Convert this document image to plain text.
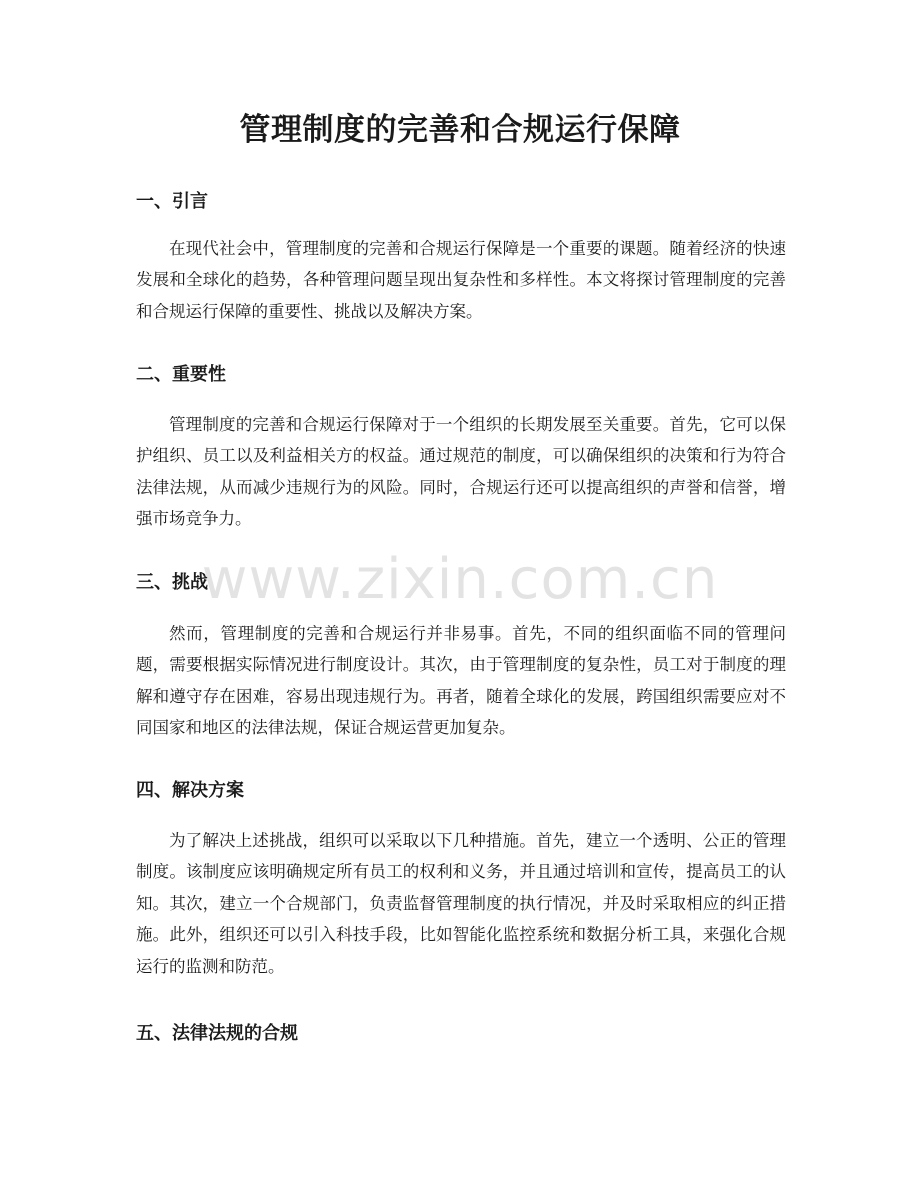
管理制度的完善和合规运行保障
一、引言

在现代社会中，管理制度的完善和合规运行保障是一个重要的课题。随着经济的快速发展和全球化的趋势，各种管理问题呈现出复杂性和多样性。本文将探讨管理制度的完善和合规运行保障的重要性、挑战以及解决方案。

二、重要性

管理制度的完善和合规运行保障对于一个组织的长期发展至关重要。首先，它可以保护组织、员工以及利益相关方的权益。通过规范的制度，可以确保组织的决策和行为符合法律法规，从而减少违规行为的风险。同时，合规运行还可以提高组织的声誉和信誉，增强市场竞争力。

三、挑战

然而，管理制度的完善和合规运行并非易事。首先，不同的组织面临不同的管理问题，需要根据实际情况进行制度设计。其次，由于管理制度的复杂性，员工对于制度的理解和遵守存在困难，容易出现违规行为。再者，随着全球化的发展，跨国组织需要应对不同国家和地区的法律法规，保证合规运营更加复杂。

四、解决方案

为了解决上述挑战，组织可以采取以下几种措施。首先，建立一个透明、公正的管理制度。该制度应该明确规定所有员工的权利和义务，并且通过培训和宣传，提高员工的认知。其次，建立一个合规部门，负责监督管理制度的执行情况，并及时采取相应的纠正措施。此外，组织还可以引入科技手段，比如智能化监控系统和数据分析工具，来强化合规运行的监测和防范。

五、法律法规的合规
www.zixin.com.cn
